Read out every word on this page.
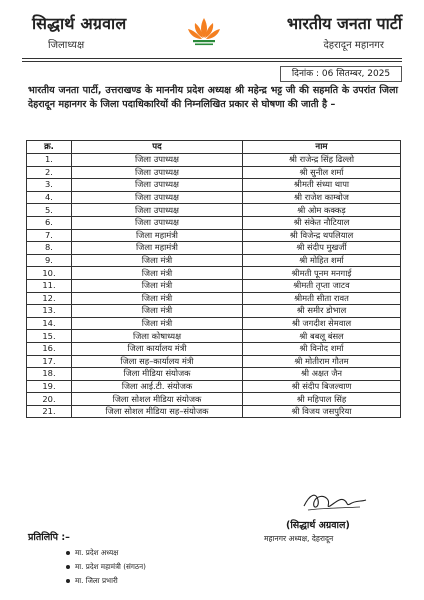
सिद्धार्थ अग्रवाल
जिलाध्यक्ष
भारतीय जनता पार्टी
देहरादून महानगर
दिनांक : 06 सितम्बर, 2025
भारतीय जनता पार्टी, उत्तराखण्ड के माननीय प्रदेश अध्यक्ष श्री महेन्द्र भट्ट जी की सहमति के उपरांत जिला देहरादून महानगर के जिला पदाधिकारियों की निम्नलिखित प्रकार से घोषणा की जाती है –
क्र.	पद	नाम
1.	जिला उपाध्यक्ष	श्री राजेन्द्र सिंह ढिल्लो
2.	जिला उपाध्यक्ष	श्री सुनील शर्मा
3.	जिला उपाध्यक्ष	श्रीमती संध्या थापा
4.	जिला उपाध्यक्ष	श्री राजेश काम्बोज
5.	जिला उपाध्यक्ष	श्री ओम कक्कड़
6.	जिला उपाध्यक्ष	श्री संकेत नौटियाल
7.	जिला महामंत्री	श्री विजेन्द्र थपलियाल
8.	जिला महामंत्री	श्री संदीप मुखर्जी
9.	जिला मंत्री	श्री मोहित शर्मा
10.	जिला मंत्री	श्रीमती पूनम मनगाई
11.	जिला मंत्री	श्रीमती तृप्ता जाटव
12.	जिला मंत्री	श्रीमती सीता रावत
13.	जिला मंत्री	श्री समीर डोभाल
14.	जिला मंत्री	श्री जगदीश सेमवाल
15.	जिला कोषाध्यक्ष	श्री बबलू बंसल
16.	जिला कार्यालय मंत्री	श्री विनोद शर्मा
17.	जिला सह–कार्यालय मंत्री	श्री मोतीराम गौतम
18.	जिला मीडिया संयोजक	श्री अक्षत जैन
19.	जिला आई.टी. संयोजक	श्री संदीप बिजल्वाण
20.	जिला सोशल मीडिया संयोजक	श्री महिपाल सिंह
21.	जिला सोशल मीडिया सह–संयोजक	श्री विजय जसपुरिया
(सिद्धार्थ अग्रवाल)
महानगर अध्यक्ष, देहरादून
प्रतिलिपि :–
मा. प्रदेश अध्यक्ष
मा. प्रदेश महामंत्री (संगठन)
मा. जिला प्रभारी
